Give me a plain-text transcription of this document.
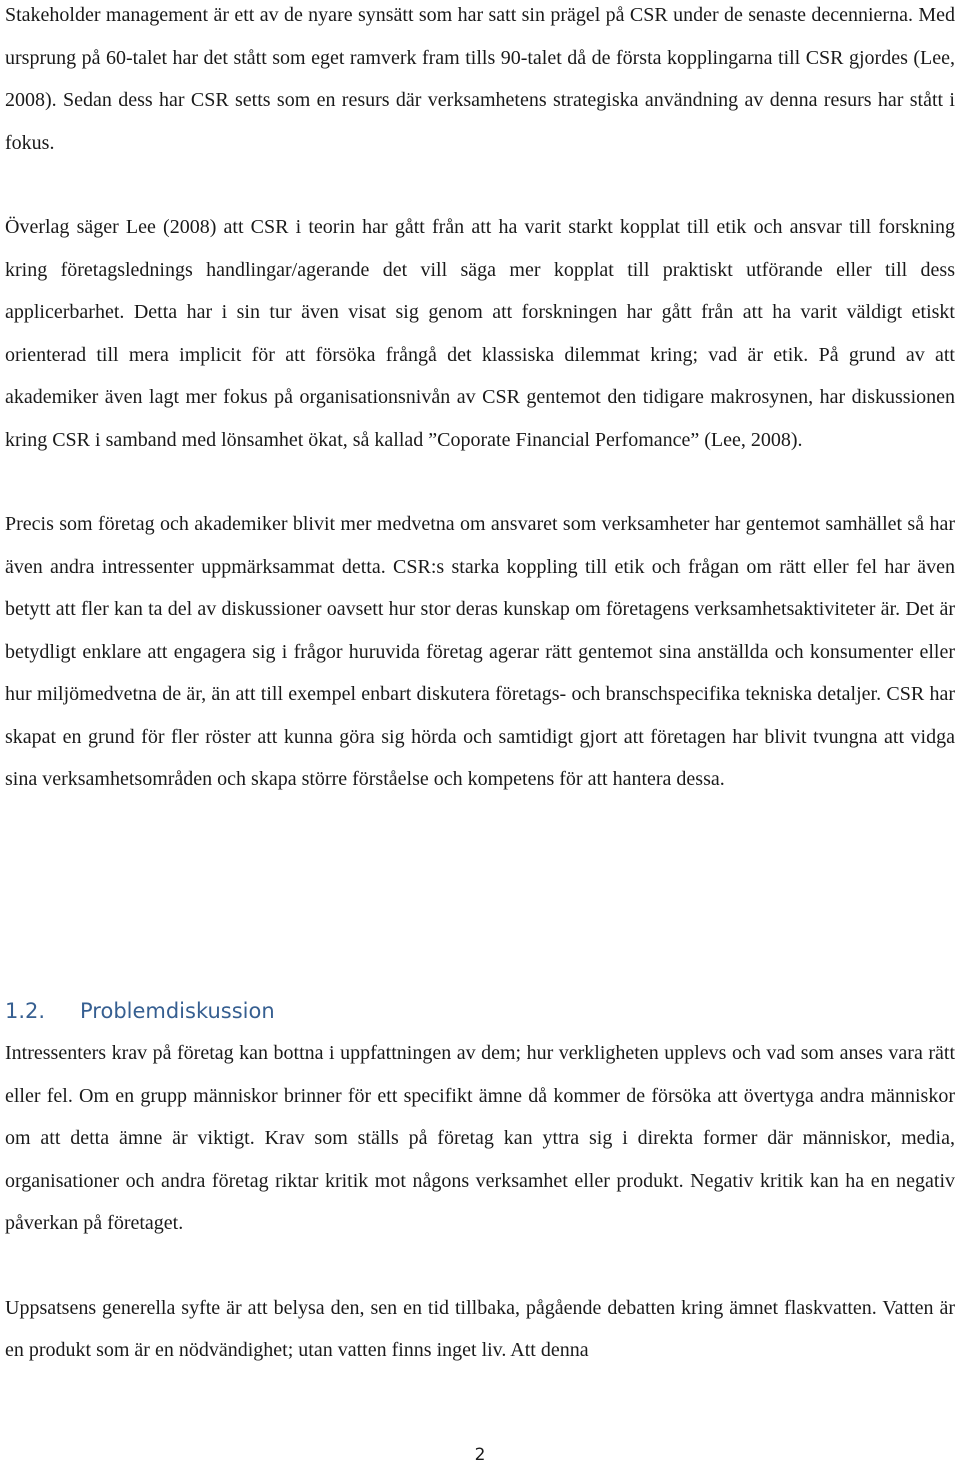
Stakeholder management är ett av de nyare synsätt som har satt sin prägel på CSR under de senaste decennierna. Med ursprung på 60-talet har det stått som eget ramverk fram tills 90-talet då de första kopplingarna till CSR gjordes (Lee, 2008). Sedan dess har CSR setts som en resurs där verksamhetens strategiska användning av denna resurs har stått i fokus.

Överlag säger Lee (2008) att CSR i teorin har gått från att ha varit starkt kopplat till etik och ansvar till forskning kring företagslednings handlingar/agerande det vill säga mer kopplat till praktiskt utförande eller till dess applicerbarhet. Detta har i sin tur även visat sig genom att forskningen har gått från att ha varit väldigt etiskt orienterad till mera implicit för att försöka frångå det klassiska dilemmat kring; vad är etik. På grund av att akademiker även lagt mer fokus på organisationsnivån av CSR gentemot den tidigare makrosynen, har diskussionen kring CSR i samband med lönsamhet ökat, så kallad ”Coporate Financial Perfomance” (Lee, 2008).

Precis som företag och akademiker blivit mer medvetna om ansvaret som verksamheter har gentemot samhället så har även andra intressenter uppmärksammat detta. CSR:s starka koppling till etik och frågan om rätt eller fel har även betytt att fler kan ta del av diskussioner oavsett hur stor deras kunskap om företagens verksamhetsaktiviteter är. Det är betydligt enklare att engagera sig i frågor huruvida företag agerar rätt gentemot sina anställda och konsumenter eller hur miljömedvetna de är, än att till exempel enbart diskutera företags- och branschspecifika tekniska detaljer. CSR har skapat en grund för fler röster att kunna göra sig hörda och samtidigt gjort att företagen har blivit tvungna att vidga sina verksamhetsområden och skapa större förståelse och kompetens för att hantera dessa.

1.2. Problemdiskussion

Intressenters krav på företag kan bottna i uppfattningen av dem; hur verkligheten upplevs och vad som anses vara rätt eller fel. Om en grupp människor brinner för ett specifikt ämne då kommer de försöka att övertyga andra människor om att detta ämne är viktigt. Krav som ställs på företag kan yttra sig i direkta former där människor, media, organisationer och andra företag riktar kritik mot någons verksamhet eller produkt. Negativ kritik kan ha en negativ påverkan på företaget.

Uppsatsens generella syfte är att belysa den, sen en tid tillbaka, pågående debatten kring ämnet flaskvatten. Vatten är en produkt som är en nödvändighet; utan vatten finns inget liv. Att denna

2
